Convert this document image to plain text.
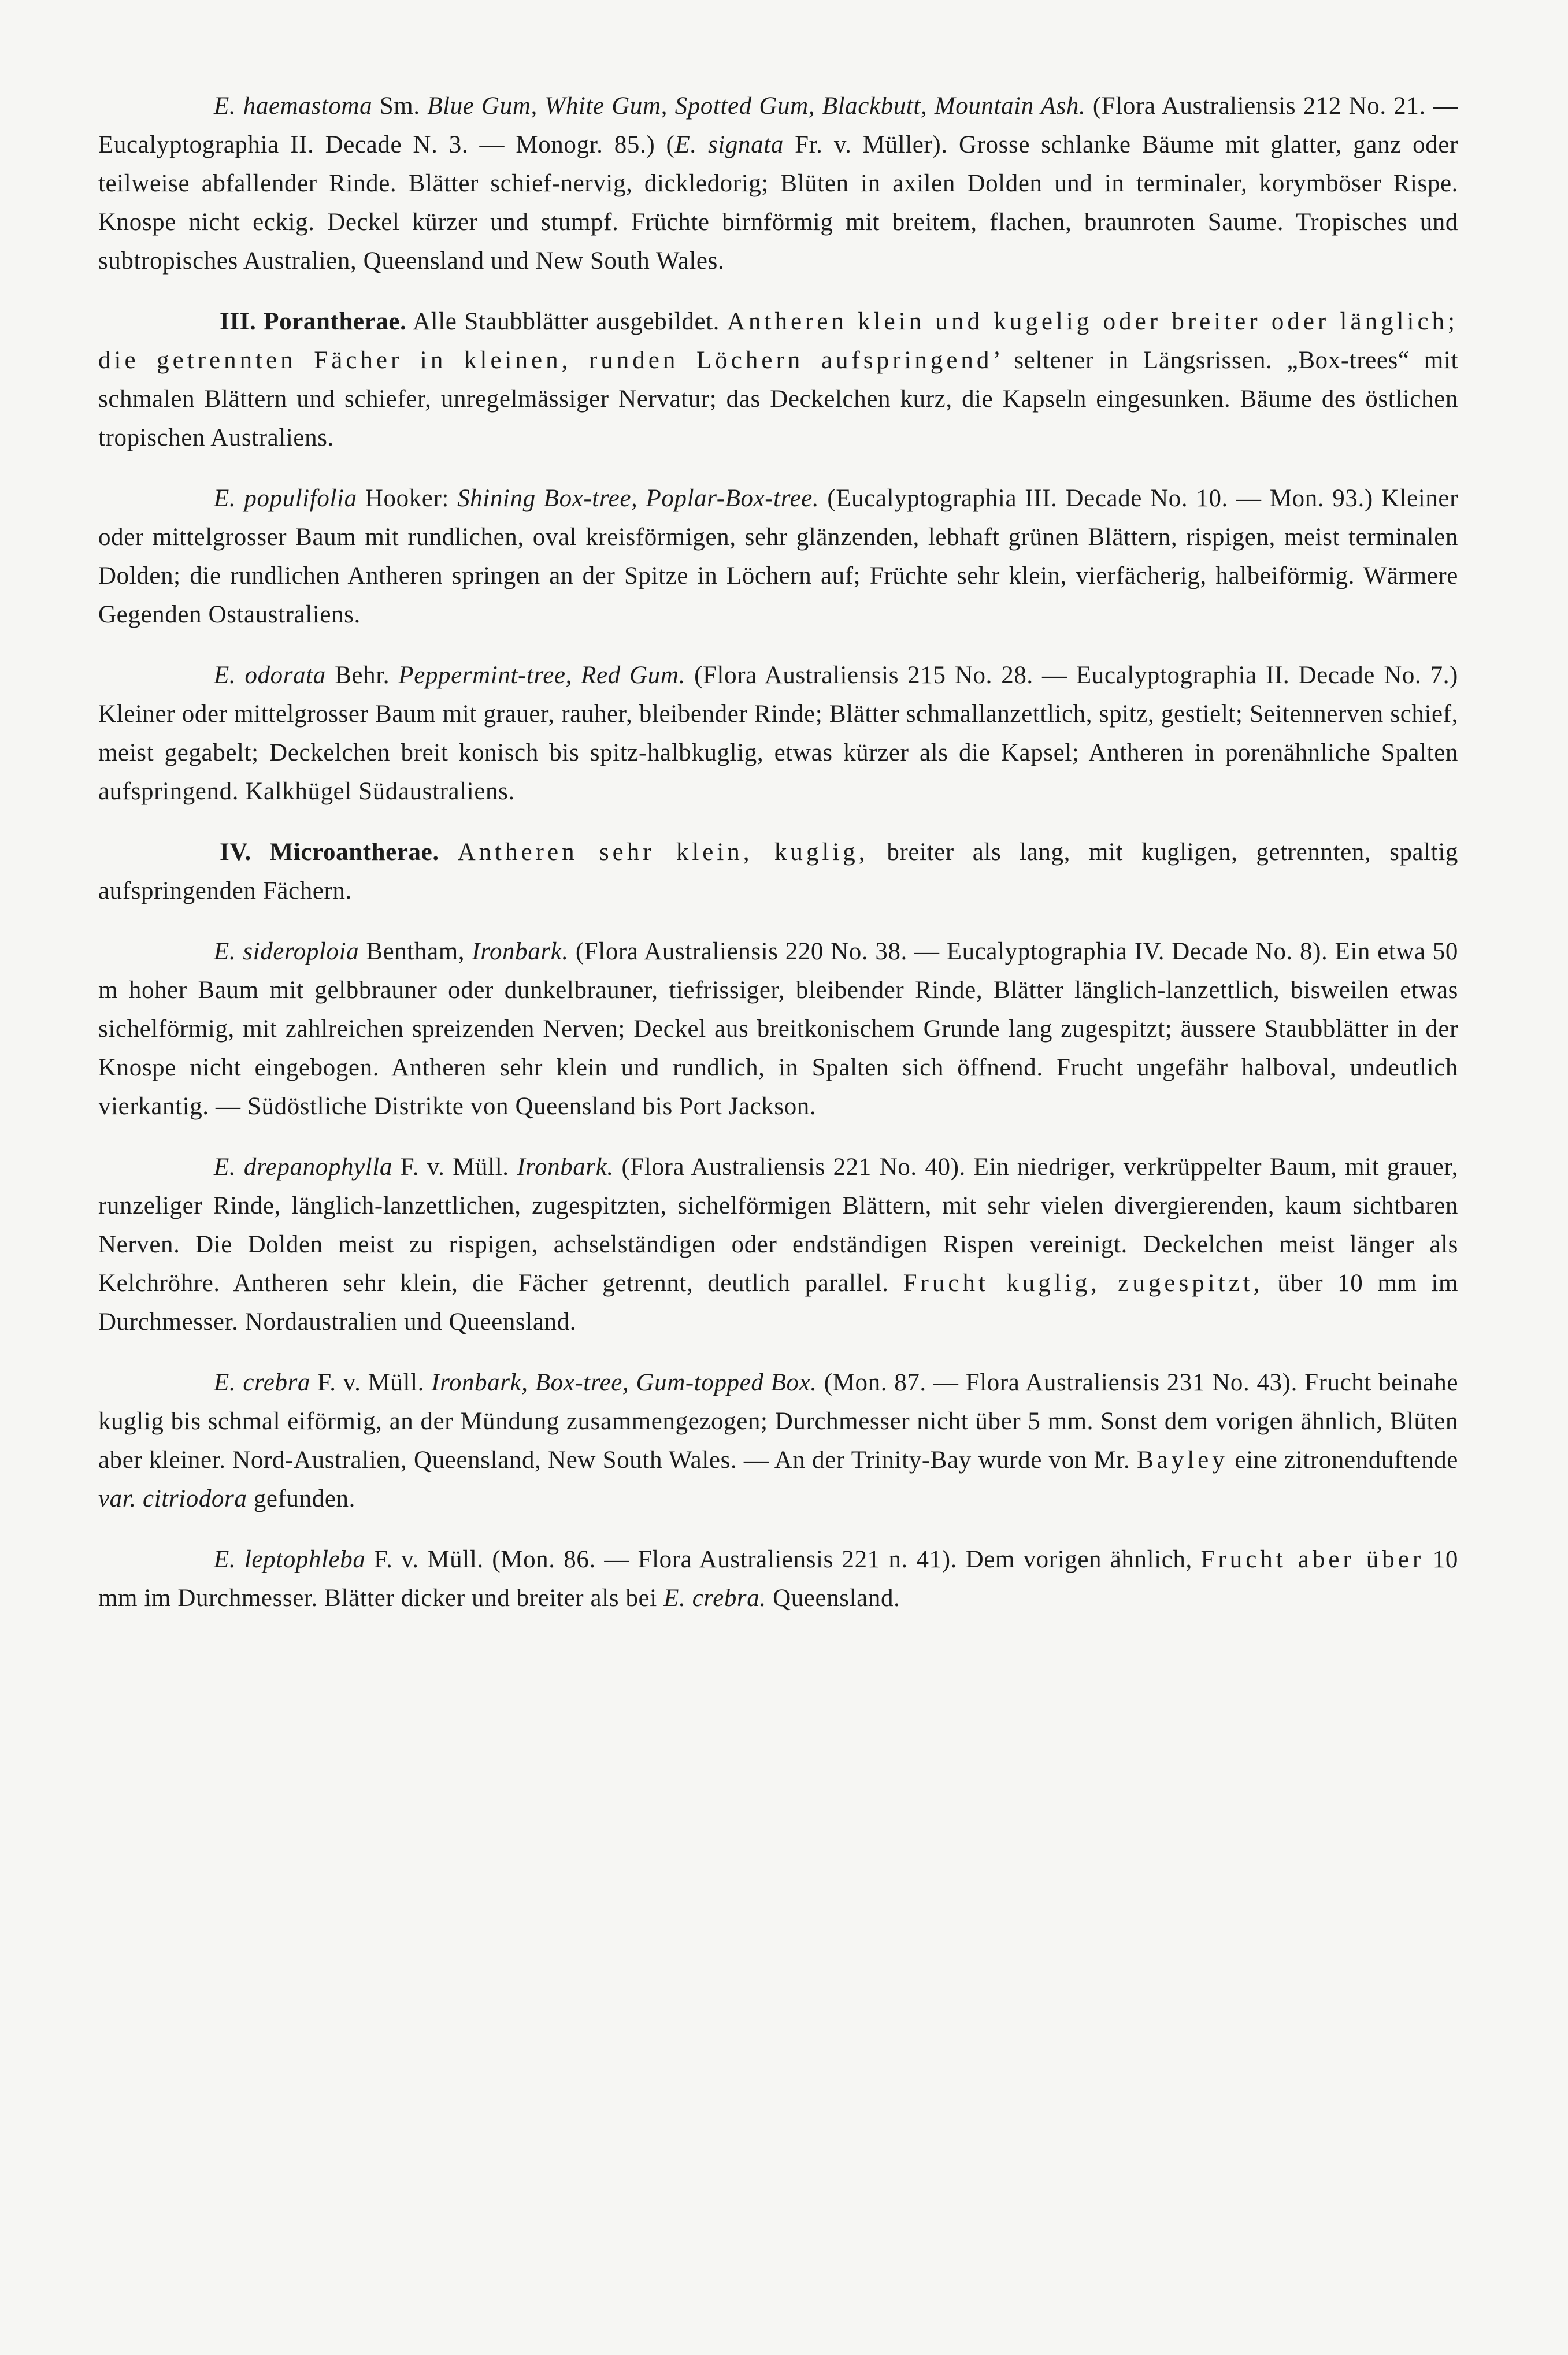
E. haemastoma Sm. Blue Gum, White Gum, Spotted Gum, Blackbutt, Mountain Ash. (Flora Australiensis 212 No. 21. — Eucalyptographia II. Decade N. 3. — Monogr. 85.) (E. signata Fr. v. Müller). Grosse schlanke Bäume mit glatter, ganz oder teilweise abfallender Rinde. Blätter schief-nervig, dickledorig; Blüten in axilen Dolden und in terminaler, korymböser Rispe. Knospe nicht eckig. Deckel kürzer und stumpf. Früchte birnförmig mit breitem, flachen, braunroten Saume. Tropisches und subtropisches Australien, Queensland und New South Wales.

III. Porantherae. Alle Staubblätter ausgebildet. Antheren klein und kugelig oder breiter oder länglich; die getrennten Fächer in kleinen, runden Löchern aufspringend’ seltener in Längsrissen. „Box-trees“ mit schmalen Blättern und schiefer, unregelmässiger Nervatur; das Deckelchen kurz, die Kapseln eingesunken. Bäume des östlichen tropischen Australiens.

E. populifolia Hooker: Shining Box-tree, Poplar-Box-tree. (Eucalyptographia III. Decade No. 10. — Mon. 93.) Kleiner oder mittelgrosser Baum mit rundlichen, oval kreisförmigen, sehr glänzenden, lebhaft grünen Blättern, rispigen, meist terminalen Dolden; die rundlichen Antheren springen an der Spitze in Löchern auf; Früchte sehr klein, vierfächerig, halbeiförmig. Wärmere Gegenden Ostaustraliens.

E. odorata Behr. Peppermint-tree, Red Gum. (Flora Australiensis 215 No. 28. — Eucalyptographia II. Decade No. 7.) Kleiner oder mittelgrosser Baum mit grauer, rauher, bleibender Rinde; Blätter schmallanzettlich, spitz, gestielt; Seitennerven schief, meist gegabelt; Deckelchen breit konisch bis spitz-halbkuglig, etwas kürzer als die Kapsel; Antheren in porenähnliche Spalten aufspringend. Kalkhügel Südaustraliens.

IV. Microantherae. Antheren sehr klein, kuglig, breiter als lang, mit kugligen, getrennten, spaltig aufspringenden Fächern.

E. sideroploia Bentham, Ironbark. (Flora Australiensis 220 No. 38. — Eucalyptographia IV. Decade No. 8). Ein etwa 50 m hoher Baum mit gelbbrauner oder dunkelbrauner, tiefrissiger, bleibender Rinde, Blätter länglich-lanzettlich, bisweilen etwas sichelförmig, mit zahlreichen spreizenden Nerven; Deckel aus breitkonischem Grunde lang zugespitzt; äussere Staubblätter in der Knospe nicht eingebogen. Antheren sehr klein und rundlich, in Spalten sich öffnend. Frucht ungefähr halboval, undeutlich vierkantig. — Südöstliche Distrikte von Queensland bis Port Jackson.

E. drepanophylla F. v. Müll. Ironbark. (Flora Australiensis 221 No. 40). Ein niedriger, verkrüppelter Baum, mit grauer, runzeliger Rinde, länglich-lanzettlichen, zugespitzten, sichelförmigen Blättern, mit sehr vielen divergierenden, kaum sichtbaren Nerven. Die Dolden meist zu rispigen, achselständigen oder endständigen Rispen vereinigt. Deckelchen meist länger als Kelchröhre. Antheren sehr klein, die Fächer getrennt, deutlich parallel. Frucht kuglig, zugespitzt, über 10 mm im Durchmesser. Nordaustralien und Queensland.

E. crebra F. v. Müll. Ironbark, Box-tree, Gum-topped Box. (Mon. 87. — Flora Australiensis 231 No. 43). Frucht beinahe kuglig bis schmal eiförmig, an der Mündung zusammengezogen; Durchmesser nicht über 5 mm. Sonst dem vorigen ähnlich, Blüten aber kleiner. Nord-Australien, Queensland, New South Wales. — An der Trinity-Bay wurde von Mr. Bayley eine zitronenduftende var. citriodora gefunden.

E. leptophleba F. v. Müll. (Mon. 86. — Flora Australiensis 221 n. 41). Dem vorigen ähnlich, Frucht aber über 10 mm im Durchmesser. Blätter dicker und breiter als bei E. crebra. Queensland.
